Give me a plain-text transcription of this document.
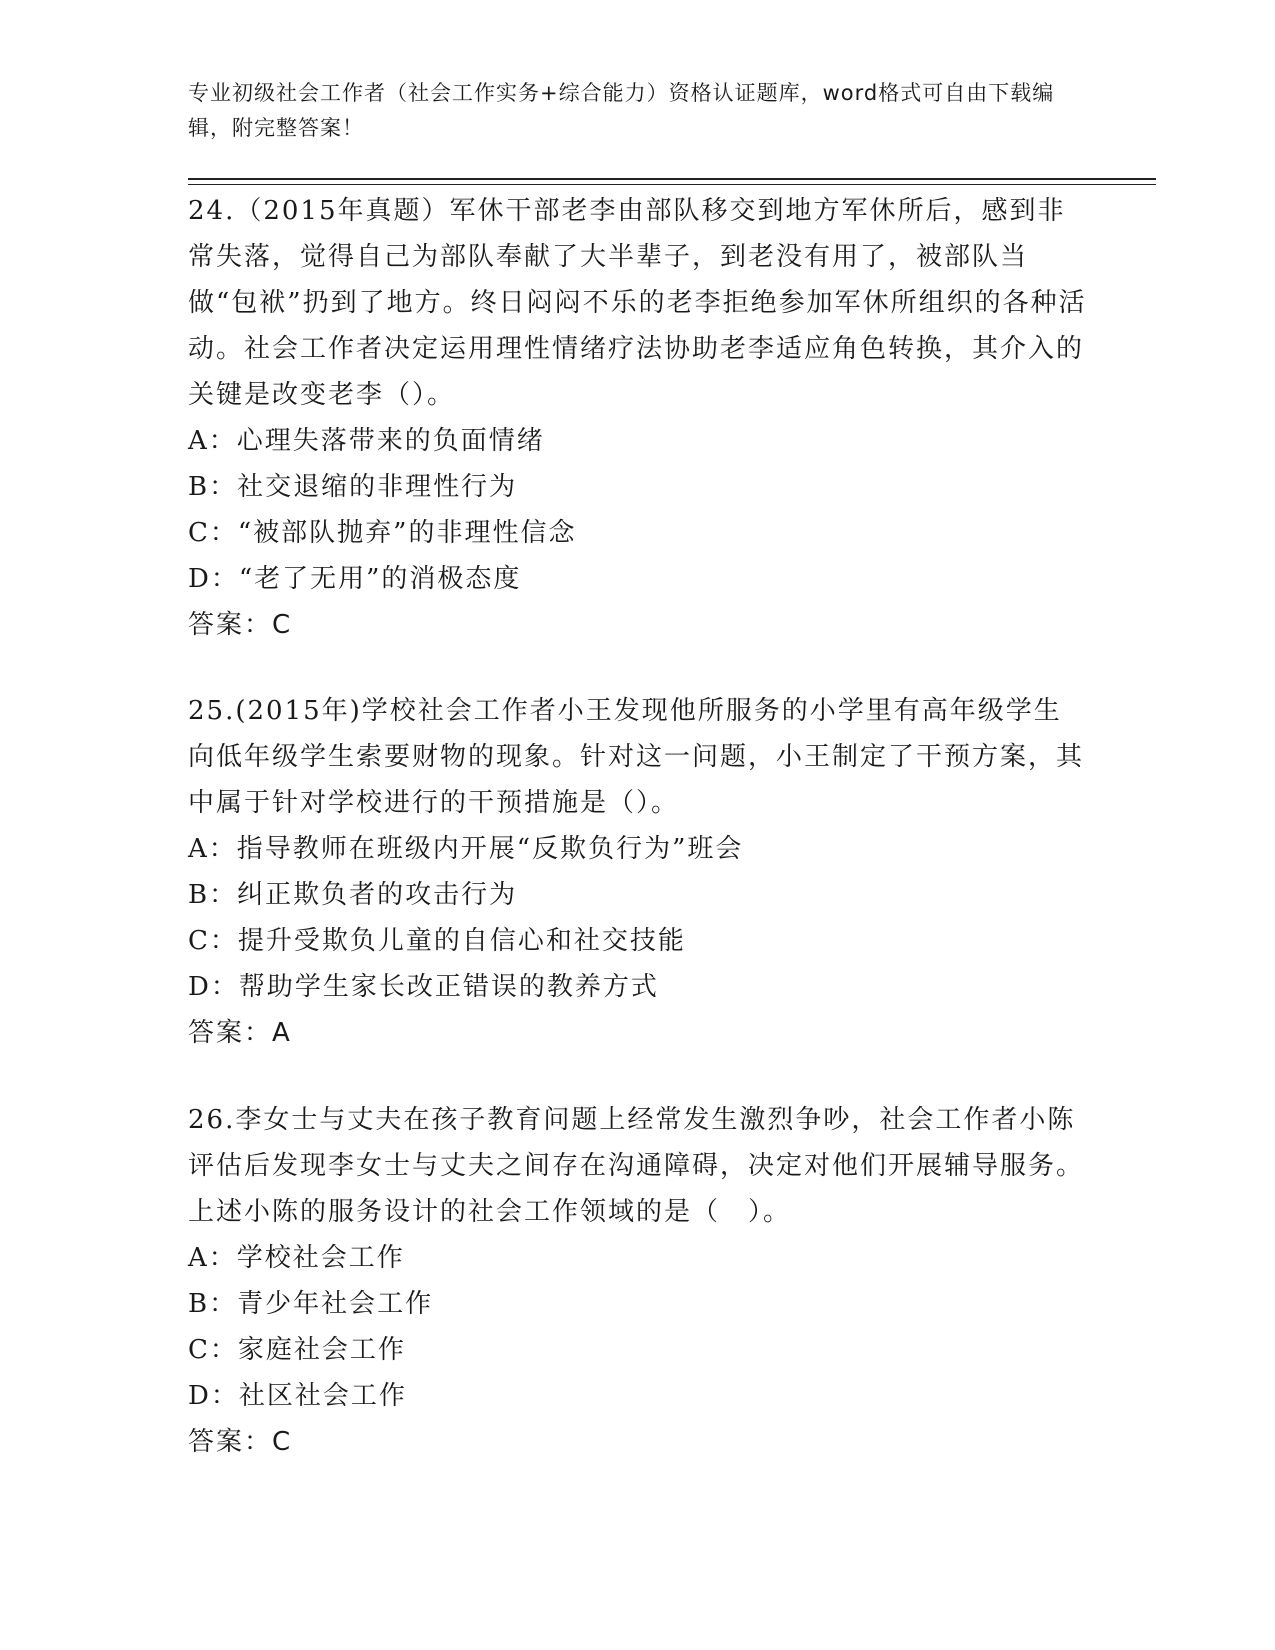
专业初级社会工作者（社会工作实务+综合能力）资格认证题库，word格式可自由下载编辑，附完整答案！

24.（2015年真题）军休干部老李由部队移交到地方军休所后，感到非常失落，觉得自己为部队奉献了大半辈子，到老没有用了，被部队当做“包袱”扔到了地方。终日闷闷不乐的老李拒绝参加军休所组织的各种活动。社会工作者决定运用理性情绪疗法协助老李适应角色转换，其介入的关键是改变老李（）。

A：心理失落带来的负面情绪

B：社交退缩的非理性行为

C：“被部队抛弃”的非理性信念

D：“老了无用”的消极态度

答案：C

25.(2015年)学校社会工作者小王发现他所服务的小学里有高年级学生向低年级学生索要财物的现象。针对这一问题，小王制定了干预方案，其中属于针对学校进行的干预措施是（）。

A：指导教师在班级内开展“反欺负行为”班会

B：纠正欺负者的攻击行为

C：提升受欺负儿童的自信心和社交技能

D：帮助学生家长改正错误的教养方式

答案：A

26.李女士与丈夫在孩子教育问题上经常发生激烈争吵，社会工作者小陈评估后发现李女士与丈夫之间存在沟通障碍，决定对他们开展辅导服务。上述小陈的服务设计的社会工作领域的是（　）。

A：学校社会工作

B：青少年社会工作

C：家庭社会工作

D：社区社会工作

答案：C
